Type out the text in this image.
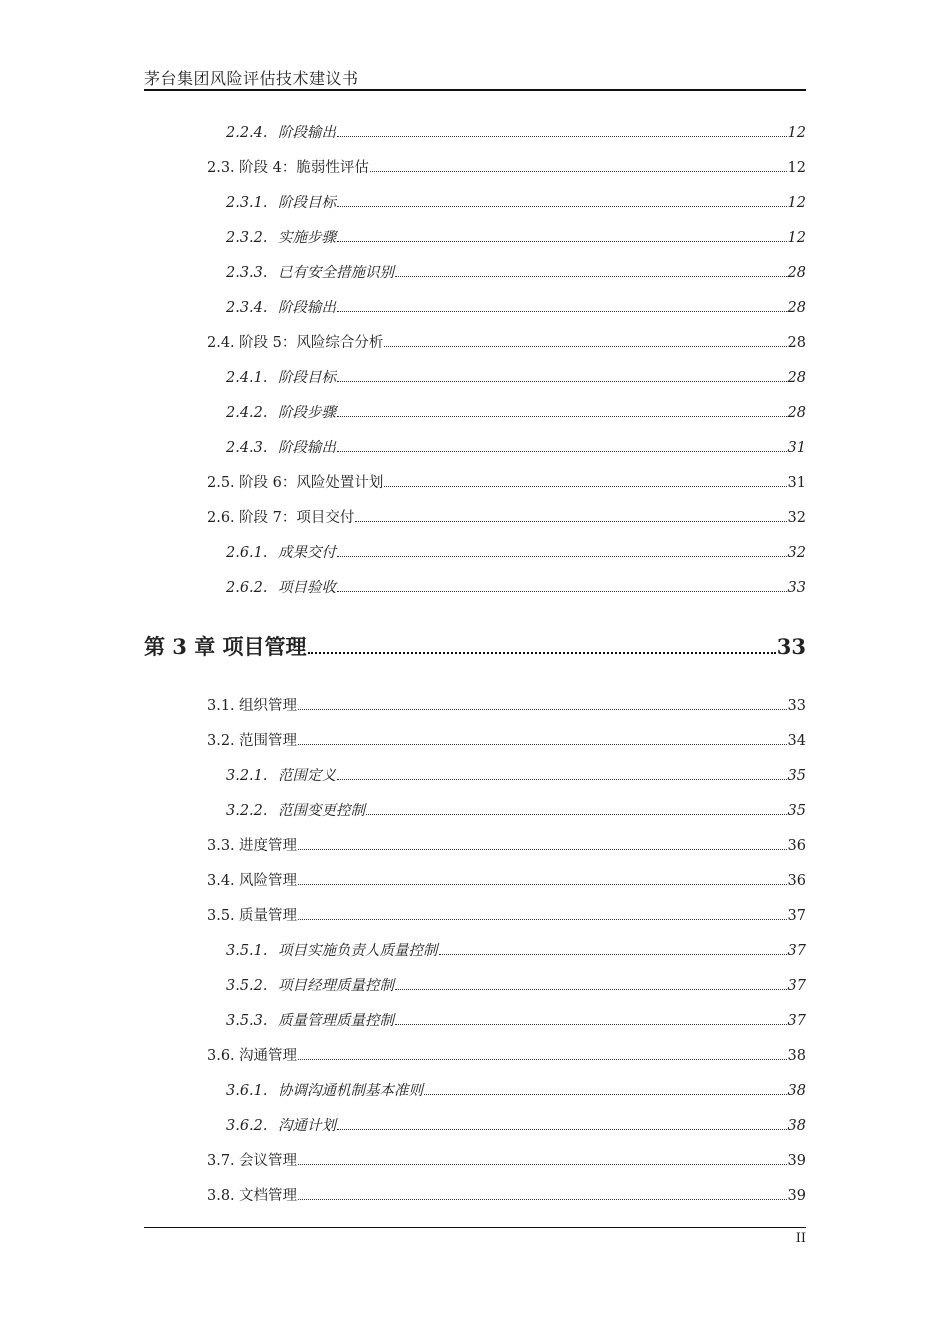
茅台集团风险评估技术建议书
2.2.4. 阶段输出	12
2.3. 阶段 4：脆弱性评估	12
2.3.1. 阶段目标	12
2.3.2. 实施步骤	12
2.3.3. 已有安全措施识别	28
2.3.4. 阶段输出	28
2.4. 阶段 5：风险综合分析	28
2.4.1. 阶段目标	28
2.4.2. 阶段步骤	28
2.4.3. 阶段输出	31
2.5. 阶段 6：风险处置计划	31
2.6. 阶段 7：项目交付	32
2.6.1. 成果交付	32
2.6.2. 项目验收	33
第 3 章 项目管理	33
3.1. 组织管理	33
3.2. 范围管理	34
3.2.1. 范围定义	35
3.2.2. 范围变更控制	35
3.3. 进度管理	36
3.4. 风险管理	36
3.5. 质量管理	37
3.5.1. 项目实施负责人质量控制	37
3.5.2. 项目经理质量控制	37
3.5.3. 质量管理质量控制	37
3.6. 沟通管理	38
3.6.1. 协调沟通机制基本准则	38
3.6.2. 沟通计划	38
3.7. 会议管理	39
3.8. 文档管理	39
II
